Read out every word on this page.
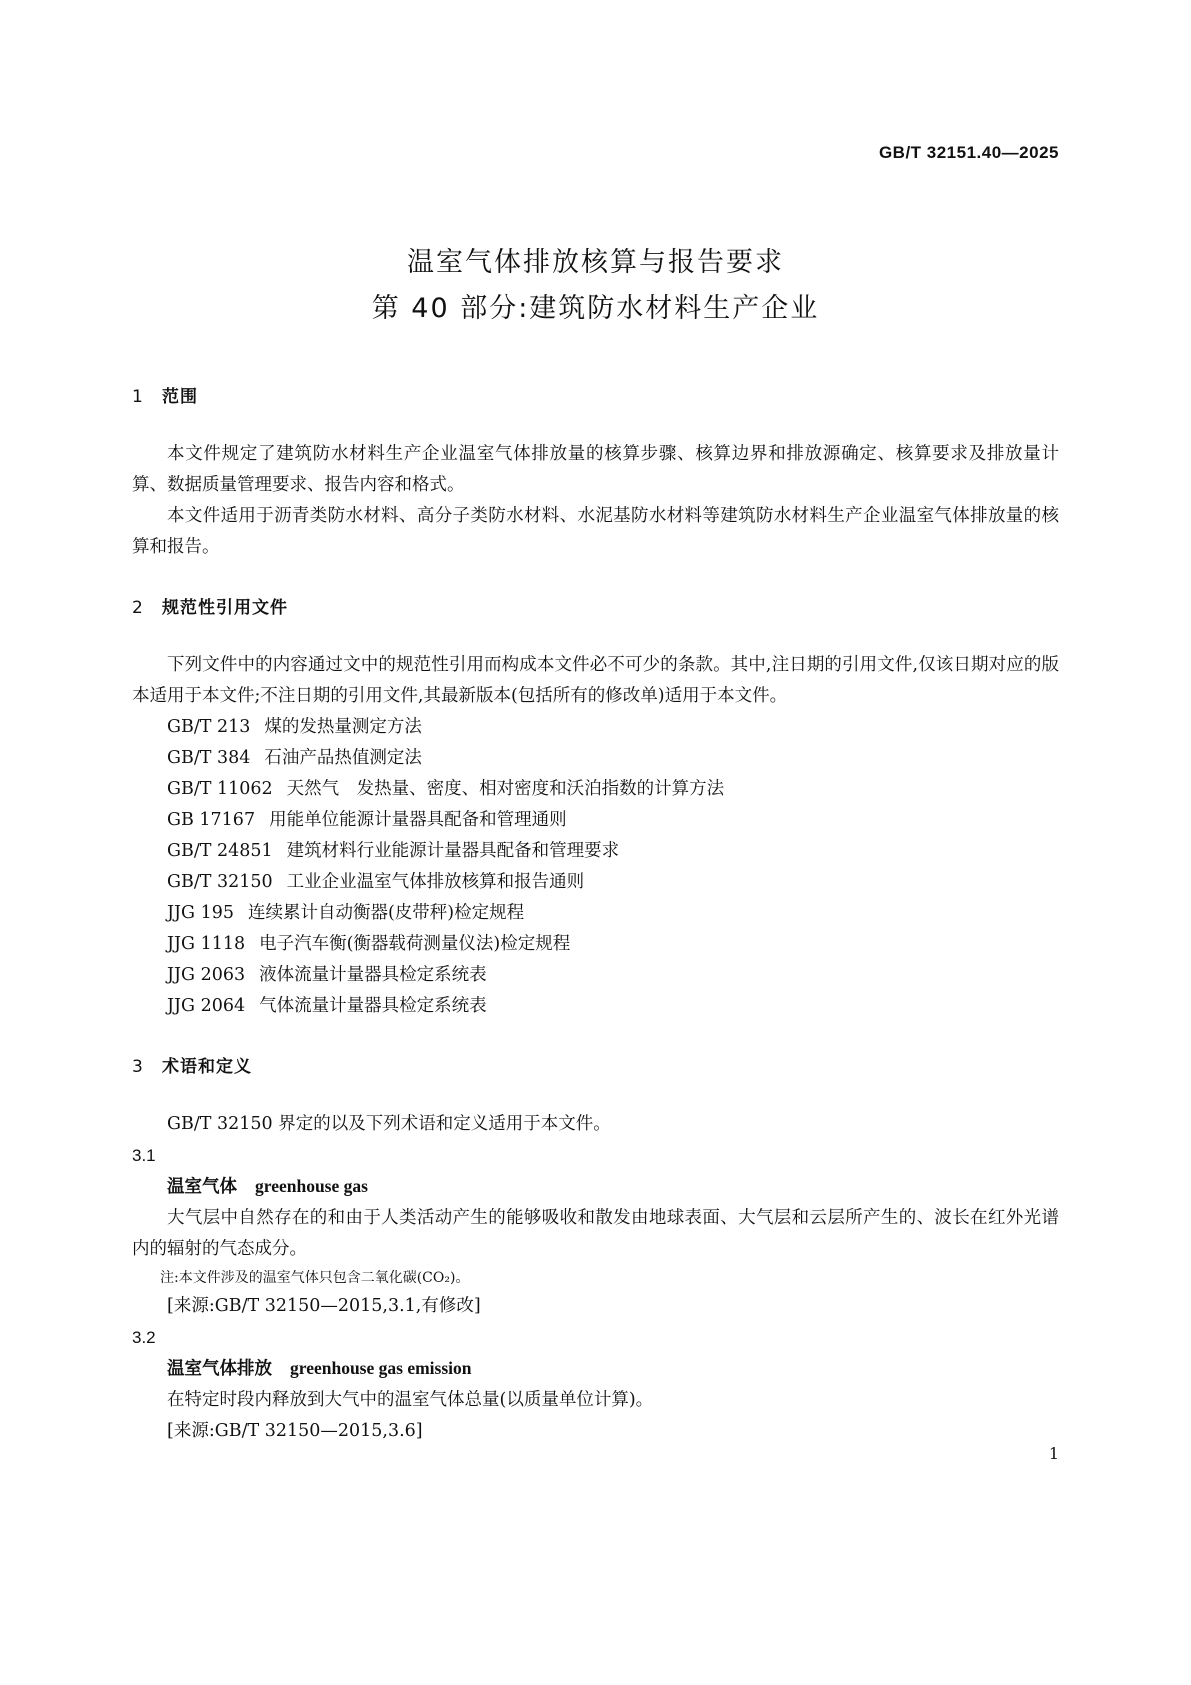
GB/T 32151.40—2025
温室气体排放核算与报告要求
第 40 部分:建筑防水材料生产企业
1 范围

本文件规定了建筑防水材料生产企业温室气体排放量的核算步骤、核算边界和排放源确定、核算要求及排放量计算、数据质量管理要求、报告内容和格式。

本文件适用于沥青类防水材料、高分子类防水材料、水泥基防水材料等建筑防水材料生产企业温室气体排放量的核算和报告。

2 规范性引用文件

下列文件中的内容通过文中的规范性引用而构成本文件必不可少的条款。其中,注日期的引用文件,仅该日期对应的版本适用于本文件;不注日期的引用文件,其最新版本(包括所有的修改单)适用于本文件。

GB/T 213 煤的发热量测定方法
GB/T 384 石油产品热值测定法
GB/T 11062 天然气　发热量、密度、相对密度和沃泊指数的计算方法
GB 17167 用能单位能源计量器具配备和管理通则
GB/T 24851 建筑材料行业能源计量器具配备和管理要求
GB/T 32150 工业企业温室气体排放核算和报告通则
JJG 195 连续累计自动衡器(皮带秤)检定规程
JJG 1118 电子汽车衡(衡器载荷测量仪法)检定规程
JJG 2063 液体流量计量器具检定系统表
JJG 2064 气体流量计量器具检定系统表
3 术语和定义

GB/T 32150 界定的以及下列术语和定义适用于本文件。

3.1
温室气体 greenhouse gas

大气层中自然存在的和由于人类活动产生的能够吸收和散发由地球表面、大气层和云层所产生的、波长在红外光谱内的辐射的气态成分。

注:本文件涉及的温室气体只包含二氧化碳(CO₂)。
[来源:GB/T 32150—2015,3.1,有修改]
3.2
温室气体排放 greenhouse gas emission

在特定时段内释放到大气中的温室气体总量(以质量单位计算)。

[来源:GB/T 32150—2015,3.6]
1
